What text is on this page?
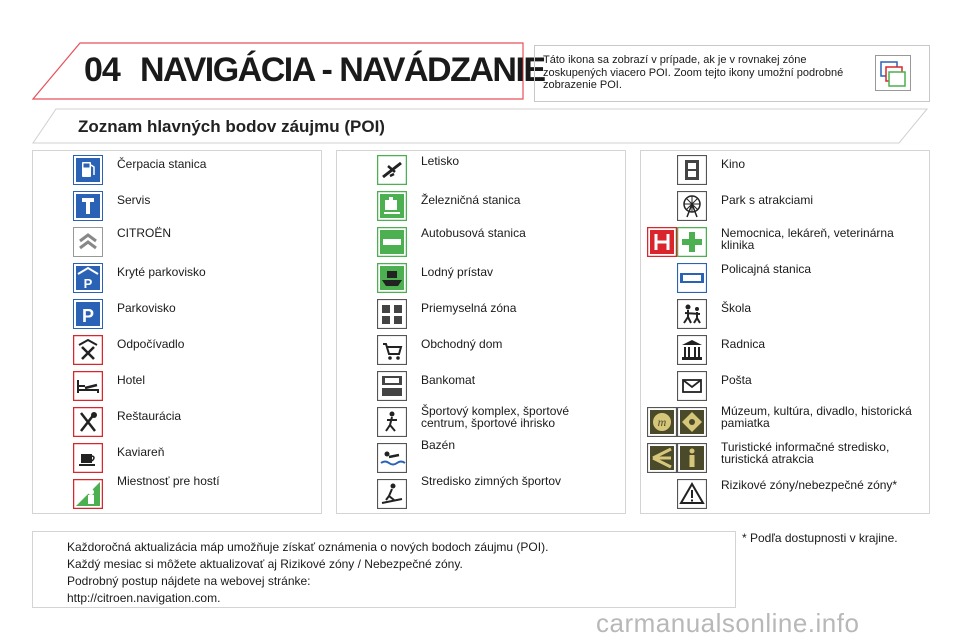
04 NAVIGÁCIA - NAVÁDZANIE
Táto ikona sa zobrazí v prípade, ak je v rovnakej zóne zoskupených viacero POI. Zoom tejto ikony umožní podrobné zobrazenie POI.
Zoznam hlavných bodov záujmu (POI)
Čerpacia stanica
Servis
CITROËN
P
Kryté parkovisko
P Parkovisko
Odpočívadlo
Hotel
Reštaurácia
Kaviareň
Miestnosť pre hostí
Letisko
Železničná stanica
Autobusová stanica
Lodný prístav
Priemyselná zóna
Obchodný dom
Bankomat
Športový komplex, športové centrum, športové ihrisko
Bazén
Stredisko zimných športov
Kino
Park s atrakciami
Nemocnica, lekáreň, veterinárna klinika
Policajná stanica
Škola
Radnica
Pošta
m
Múzeum, kultúra, divadlo, historická pamiatka
Turistické informačné stredisko, turistická atrakcia
Rizikové zóny/nebezpečné zóny*
Každoročná aktualizácia máp umožňuje získať oznámenia o nových bodoch záujmu (POI).
Každý mesiac si môžete aktualizovať aj Rizikové zóny / Nebezpečné zóny.
Podrobný postup nájdete na webovej stránke:
http://citroen.navigation.com.
* Podľa dostupnosti v krajine.
carmanualsonline.info
